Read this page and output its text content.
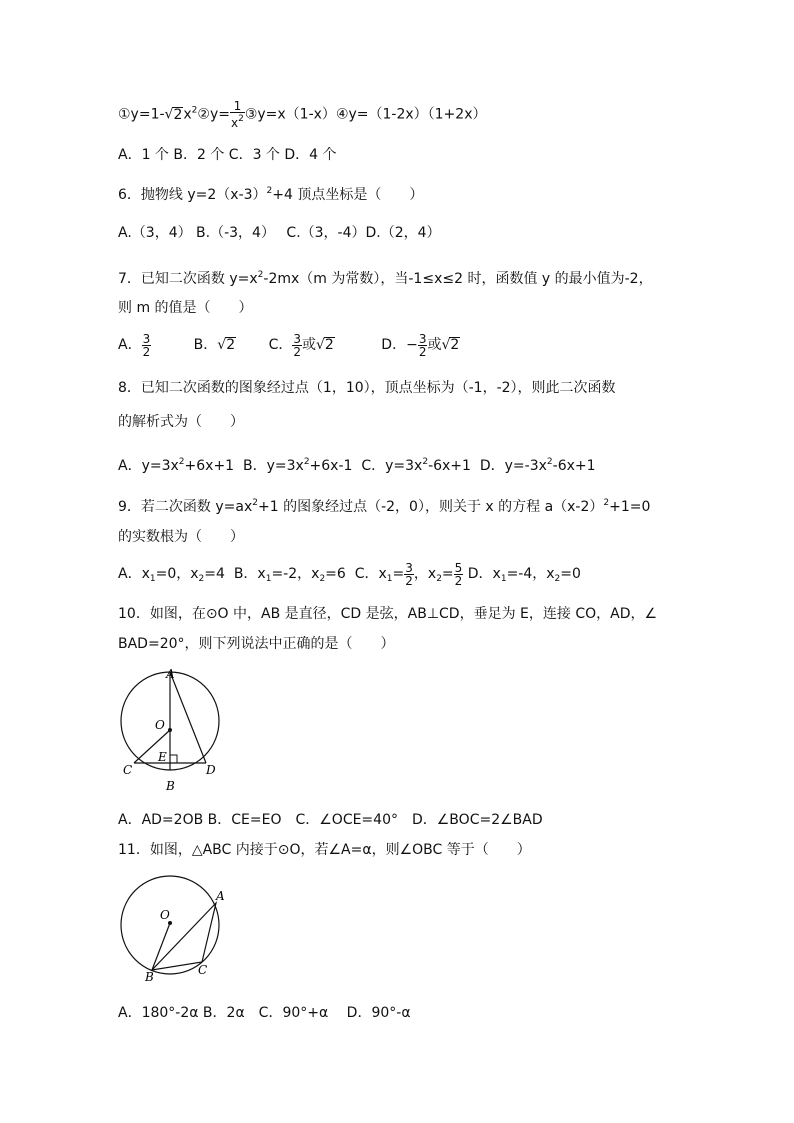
$①y=1-√2x^2②y= \frac{1}{x^2}$ ③y=x（1-x）④y=（1-2x）（1+2x）
A．1 个 B．2 个 C．3 个 D．4 个
6．抛物线 $y=2(x-3)^2+4$ 顶点坐标是（　　）
A.（3，4） B.（-3，4）　 C.（3，-4）D.（2，4）
7．已知二次函数 $y=x^2-2mx(m$ 为常数），当-1≤x≤2 时，函数值 y 的最小值为-2，
则 m 的值是（　　）
A． $\frac{3}{2}$	B．√2 C． $\frac{3}{2}$ 或√2	D．− $\frac{3}{2}$ 或√2
8．已知二次函数的图象经过点（1，10），顶点坐标为（-1，-2），则此二次函数
的解析式为（　　）
A．$y=3x^2+6x+1$  B．$y=3x^2+6x-1$  C．$y=3x^2-6x+1$  D．$y=-3x^2-6x+1$
9．若二次函数 $y=ax^2+1$ 的图象经过点（-2，0），则关于 x 的方程 $a(x-2)^2+1=0$
的实数根为（　　）
A．$x_1=0$，$x_2=4$  B．$x_1=-2$，$x_2=6$  C．$x_1= \frac{3}{2}$ ，$x_2= \frac{5}{2}$ D．$x_1=-4$，$x_2=0$
10．如图，在⊙O 中，AB 是直径，CD 是弦，AB⊥CD，垂足为 E，连接 CO，AD，∠
BAD=20°，则下列说法中正确的是（　　）
A
O
E
C	D
B
A．AD=2OB B．CE=EO　C．∠OCE=40°　D．∠BOC=2∠BAD
11．如图，△ABC 内接于⊙O，若∠A=α，则∠OBC 等于（　　）
O
A
B	C
A．180°-2α B．2α　C．90°+α　 D．90°-α
